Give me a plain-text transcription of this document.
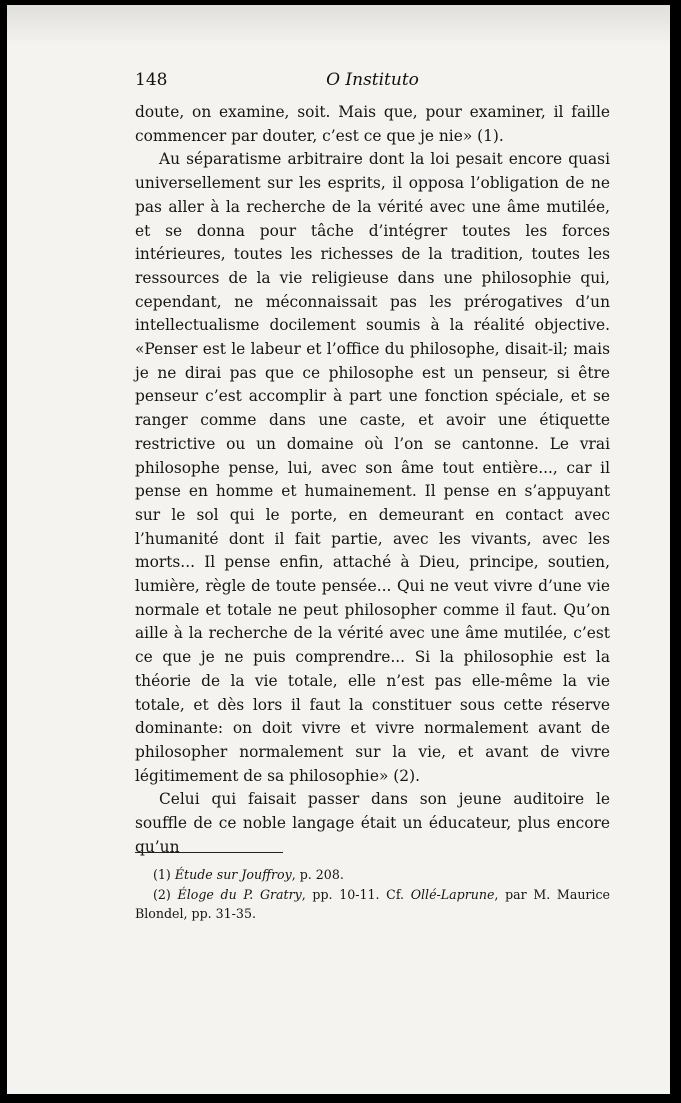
148	O Instituto

doute, on examine, soit. Mais que, pour examiner, il faille commencer par douter, c’est ce que je nie» (1).

Au séparatisme arbitraire dont la loi pesait encore quasi universellement sur les esprits, il opposa l’obligation de ne pas aller à la recherche de la vérité avec une âme mutilée, et se donna pour tâche d’intégrer toutes les forces intérieures, toutes les richesses de la tradition, toutes les ressources de la vie religieuse dans une philosophie qui, cependant, ne méconnaissait pas les prérogatives d’un intellectualisme docilement soumis à la réalité objective. «Penser est le labeur et l’office du philosophe, disait-il; mais je ne dirai pas que ce philosophe est un penseur, si être penseur c’est accomplir à part une fonction spéciale, et se ranger comme dans une caste, et avoir une étiquette restrictive ou un domaine où l’on se cantonne. Le vrai philosophe pense, lui, avec son âme tout entière..., car il pense en homme et humainement. Il pense en s’appuyant sur le sol qui le porte, en demeurant en contact avec l’humanité dont il fait partie, avec les vivants, avec les morts... Il pense enfin, attaché à Dieu, principe, soutien, lumière, règle de toute pensée... Qui ne veut vivre d’une vie normale et totale ne peut philosopher comme il faut. Qu’on aille à la recherche de la vérité avec une âme mutilée, c’est ce que je ne puis comprendre... Si la philosophie est la théorie de la vie totale, elle n’est pas elle-même la vie totale, et dès lors il faut la constituer sous cette réserve dominante: on doit vivre et vivre normalement avant de philosopher normalement sur la vie, et avant de vivre légitimement de sa philosophie» (2).

Celui qui faisait passer dans son jeune auditoire le souffle de ce noble langage était un éducateur, plus encore qu’un

(1) Étude sur Jouffroy, p. 208.

(2) Éloge du P. Gratry, pp. 10-11. Cf. Ollé-Laprune, par M. Maurice Blondel, pp. 31-35.
